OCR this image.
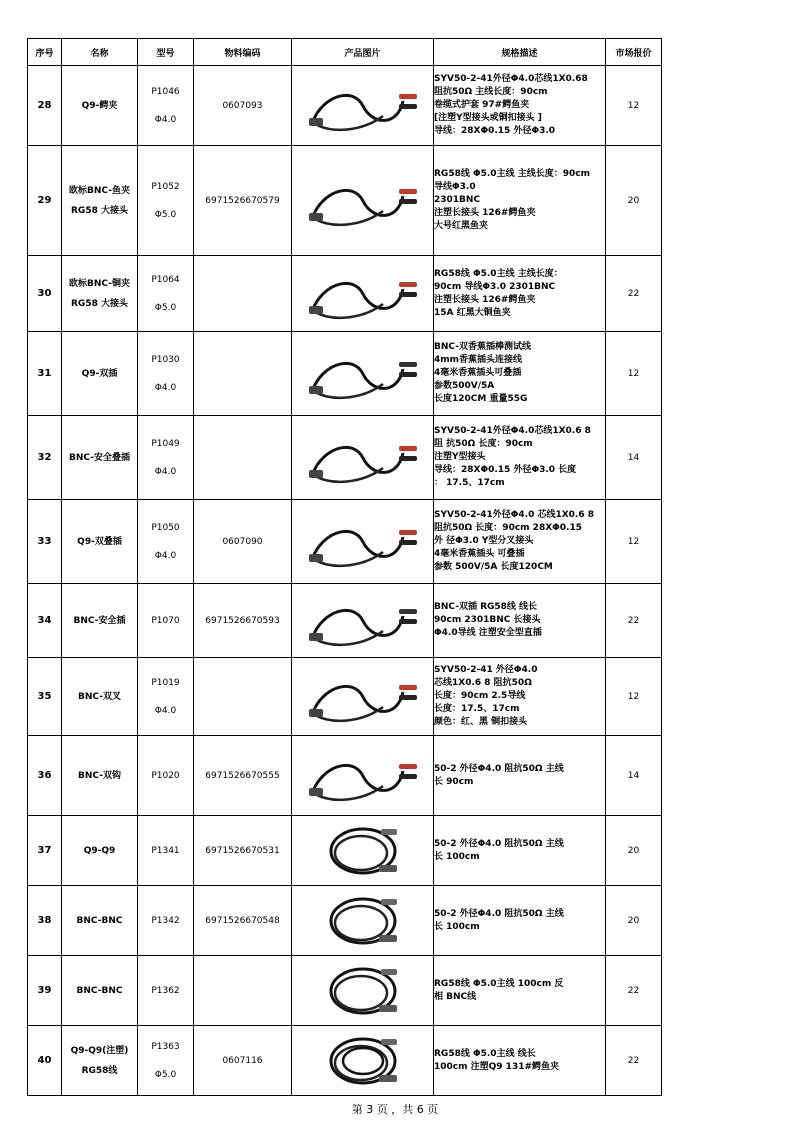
序号	名称	型号	物料编码	产品图片	规格描述	市场报价
28	Q9-鳄夹	P1046
Φ4.0	0607093		SYV50-2-41外径Φ4.0芯线1X0.68
阻抗50Ω 主线长度：90cm
卷缆式护套 97#鳄鱼夹
[注塑Y型接头或铜扣接头 ]
导线：28XΦ0.15 外径Φ3.0	12
29	欧标BNC-鱼夹 RG58 大接头	P1052
Φ5.0	6971526670579		RG58线 Φ5.0主线 主线长度：90cm
导线Φ3.0
2301BNC
注塑长接头 126#鳄鱼夹
大号红黑鱼夹	20
30	欧标BNC-铜夹 RG58 大接头	P1064
Φ5.0			RG58线 Φ5.0主线 主线长度：
90cm 导线Φ3.0 2301BNC
注塑长接头 126#鳄鱼夹
15A 红黑大铜鱼夹	22
31	Q9-双插	P1030
Φ4.0			BNC-双香蕉插棒测试线
4mm香蕉插头连接线
4毫米香蕉插头可叠插
参数500V/5A
长度120CM 重量55G	12
32	BNC-安全叠插	P1049
Φ4.0			SYV50-2-41外径Φ4.0芯线1X0.6 8
阻 抗50Ω 长度：90cm
注塑Y型接头
导线：28XΦ0.15 外径Φ3.0 长度
： 17.5、17cm	14
33	Q9-双叠插	P1050
Φ4.0	0607090		SYV50-2-41外径Φ4.0 芯线1X0.6 8
阻抗50Ω 长度：90cm 28XΦ0.15
外 径Φ3.0 Y型分叉接头
4毫米香蕉插头 可叠插
参数 500V/5A 长度120CM	12
34	BNC-安全插	P1070	6971526670593		BNC-双插 RG58线 线长
90cm 2301BNC 长接头
Φ4.0导线 注塑安全型直插	22
35	BNC-双叉	P1019
Φ4.0			SYV50-2-41 外径Φ4.0
芯线1X0.6 8 阻抗50Ω
长度：90cm 2.5导线
长度：17.5、17cm
颜色：红、黑 铜扣接头	12
36	BNC-双钩	P1020	6971526670555		50-2 外径Φ4.0 阻抗50Ω 主线
长 90cm	14
37	Q9-Q9	P1341	6971526670531		50-2 外径Φ4.0 阻抗50Ω 主线
长 100cm	20
38	BNC-BNC	P1342	6971526670548		50-2 外径Φ4.0 阻抗50Ω 主线
长 100cm	20
39	BNC-BNC	P1362			RG58线 Φ5.0主线 100cm 反
相 BNC线	22
40	Q9-Q9(注塑) RG58线	P1363
Φ5.0	0607116		RG58线 Φ5.0主线 线长
100cm 注塑Q9 131#鳄鱼夹	22
第 3 页 ，共 6 页
